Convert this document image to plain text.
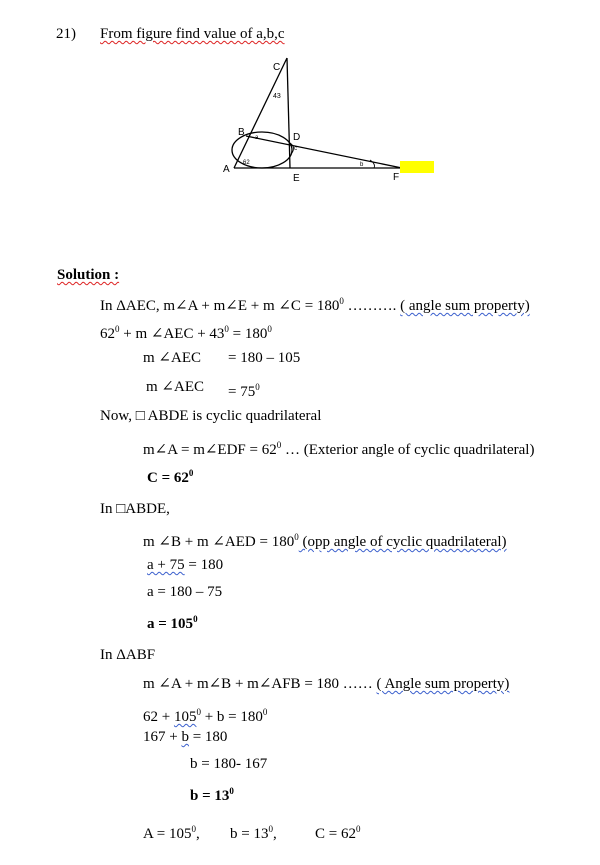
21) From figure find value of a,b,c
C
B	D
A
E	F
43
62
a
c
b
Solution :
In ΔAEC, m∠A + m∠E + m ∠C = $180^0$ ………. ( angle sum property)
$62^0 + m$ ∠AEC + $43^0 = 180^0$
m ∠AEC = 180 – 105
m ∠AEC = $75^0$
Now, □ ABDE is cyclic quadrilateral
m∠A = m∠EDF = $62^0$ … (Exterior angle of cyclic quadrilateral)
$C = 62^0$
In □ABDE,
m ∠B + m ∠AED = $180^0$ (opp angle of cyclic quadrilateral)
a + 75 = 180
a = 180 – 75
$a = 105^0$
In ΔABF
m ∠A + m∠B + m∠AFB = 180 …… ( Angle sum property)
$62 + 105^0 + b = 180^0$
167 + b = 180
b = 180- 167
$b = 13^0$
$A = 105^0$, $b = 13^0$,	$C = 62^0$
